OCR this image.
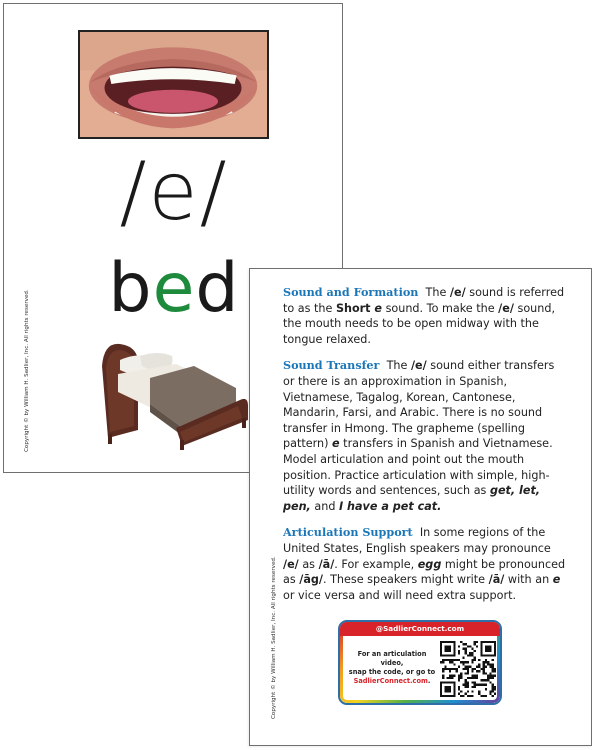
/e/
bed
Copyright © by William H. Sadlier, Inc. All rights reserved.	Sound and Formation The /e/ sound is referred to as the Short e sound. To make the /e/ sound, the mouth needs to be open midway with the tongue relaxed.

Sound Transfer The /e/ sound either transfers or there is an approximation in Spanish, Vietnamese, Tagalog, Korean, Cantonese, Mandarin, Farsi, and Arabic. There is no sound transfer in Hmong. The grapheme (spelling pattern) e transfers in Spanish and Vietnamese. Model articulation and point out the mouth position. Practice articulation with simple, high-utility words and sentences, such as get, let, pen, and I have a pet cat.

Articulation Support In some regions of the United States, English speakers may pronounce /e/ as /ā/. For example, egg might be pronounced as /āg/. These speakers might write /ā/ with an e or vice versa and will need extra support.

Copyright © by William H. Sadlier, Inc. All rights reserved.	@SadlierConnect.com
For an articulation video,
snap the code, or go to
SadlierConnect.com.
